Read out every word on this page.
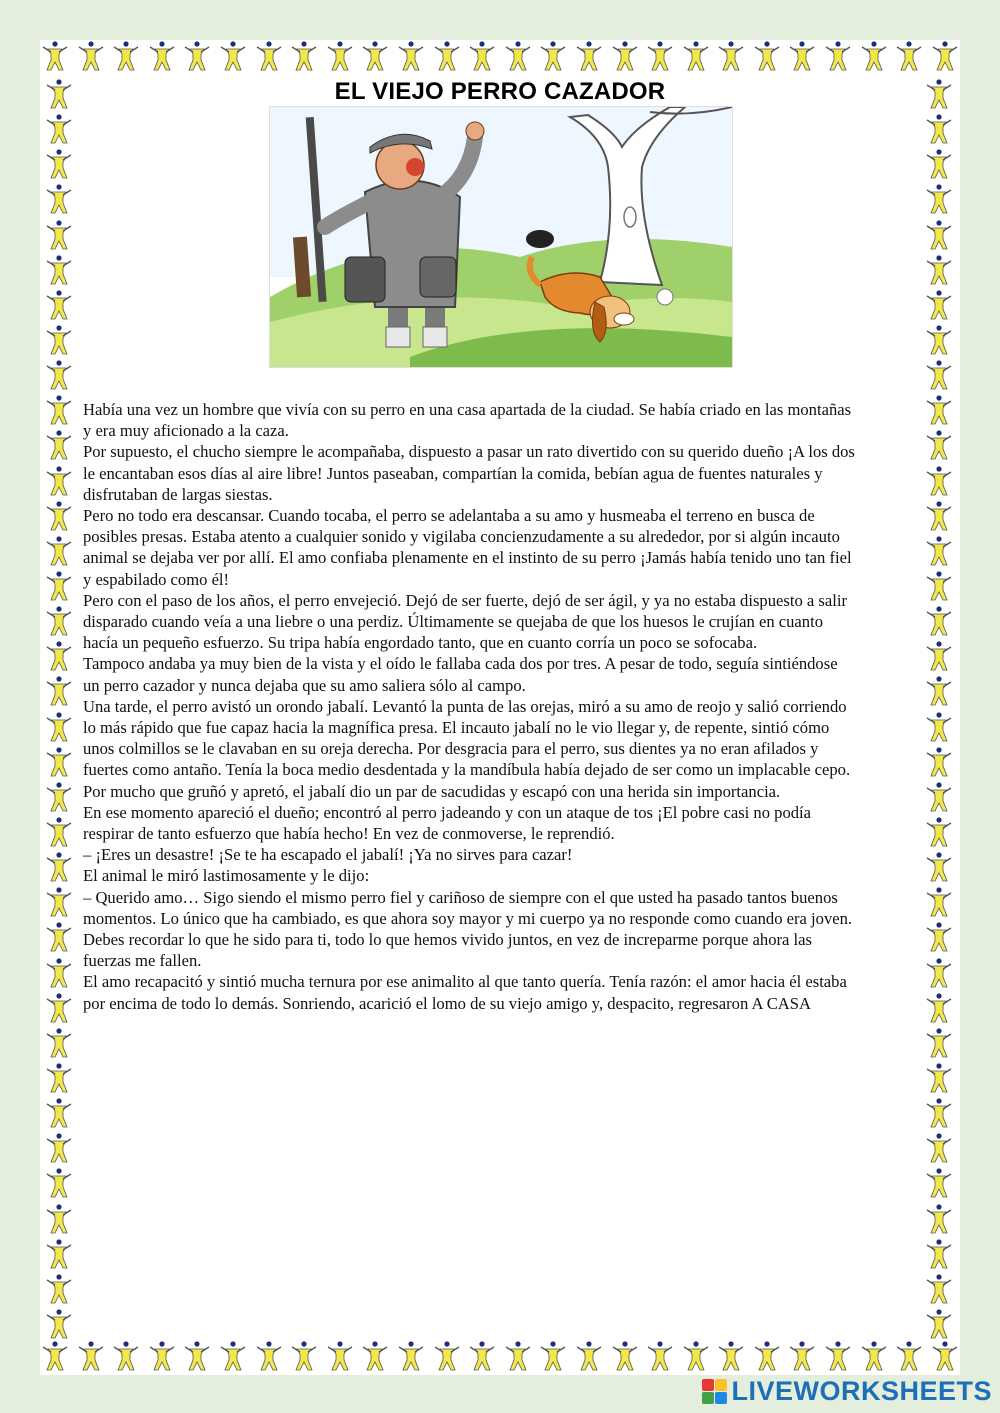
EL VIEJO PERRO CAZADOR

Había una vez un hombre que vivía con su perro en una casa apartada de la ciudad. Se había criado en las montañas

y era muy aficionado a la caza.

Por supuesto, el chucho siempre le acompañaba, dispuesto a pasar un rato divertido con su querido dueño ¡A los dos

le encantaban esos días al aire libre! Juntos paseaban, compartían la comida, bebían agua de fuentes naturales y

disfrutaban de largas siestas.

Pero no todo era descansar. Cuando tocaba, el perro se adelantaba a su amo y husmeaba el terreno en busca de

posibles presas. Estaba atento a cualquier sonido y vigilaba concienzudamente a su alrededor, por si algún incauto

animal se dejaba ver por allí. El amo confiaba plenamente en el instinto de su perro ¡Jamás había tenido uno tan fiel

y espabilado como él!

Pero con el paso de los años, el perro envejeció. Dejó de ser fuerte, dejó de ser ágil, y ya no estaba dispuesto a salir

disparado cuando veía a una liebre o una perdiz. Últimamente se quejaba de que los huesos le crujían en cuanto

hacía un pequeño esfuerzo. Su tripa había engordado tanto, que en cuanto corría un poco se sofocaba.

Tampoco andaba ya muy bien de la vista y el oído le fallaba cada dos por tres. A pesar de todo, seguía sintiéndose

un perro cazador y nunca dejaba que su amo saliera sólo al campo.

Una tarde, el perro avistó un orondo jabalí. Levantó la punta de las orejas, miró a su amo de reojo y salió corriendo

lo más rápido que fue capaz hacia la magnífica presa. El incauto jabalí no le vio llegar y, de repente, sintió cómo

unos colmillos se le clavaban en su oreja derecha. Por desgracia para el perro, sus dientes ya no eran afilados y

fuertes como antaño. Tenía la boca medio desdentada y la mandíbula había dejado de ser como un implacable cepo.

Por mucho que gruñó y apretó, el jabalí dio un par de sacudidas y escapó con una herida sin importancia.

En ese momento apareció el dueño; encontró al perro jadeando y con un ataque de tos ¡El pobre casi no podía

respirar de tanto esfuerzo que había hecho! En vez de conmoverse, le reprendió.

– ¡Eres un desastre! ¡Se te ha escapado el jabalí! ¡Ya no sirves para cazar!

El animal le miró lastimosamente y le dijo:

– Querido amo… Sigo siendo el mismo perro fiel y cariñoso de siempre con el que usted ha pasado tantos buenos

momentos. Lo único que ha cambiado, es que ahora soy mayor y mi cuerpo ya no responde como cuando era joven.

Debes recordar lo que he sido para ti, todo lo que hemos vivido juntos, en vez de increparme porque ahora las

fuerzas me fallen.

El amo recapacitó y sintió mucha ternura por ese animalito al que tanto quería. Tenía razón: el amor hacia él estaba

por encima de todo lo demás. Sonriendo, acarició el lomo de su viejo amigo y, despacito, regresaron A CASA

LIVEWORKSHEETS
